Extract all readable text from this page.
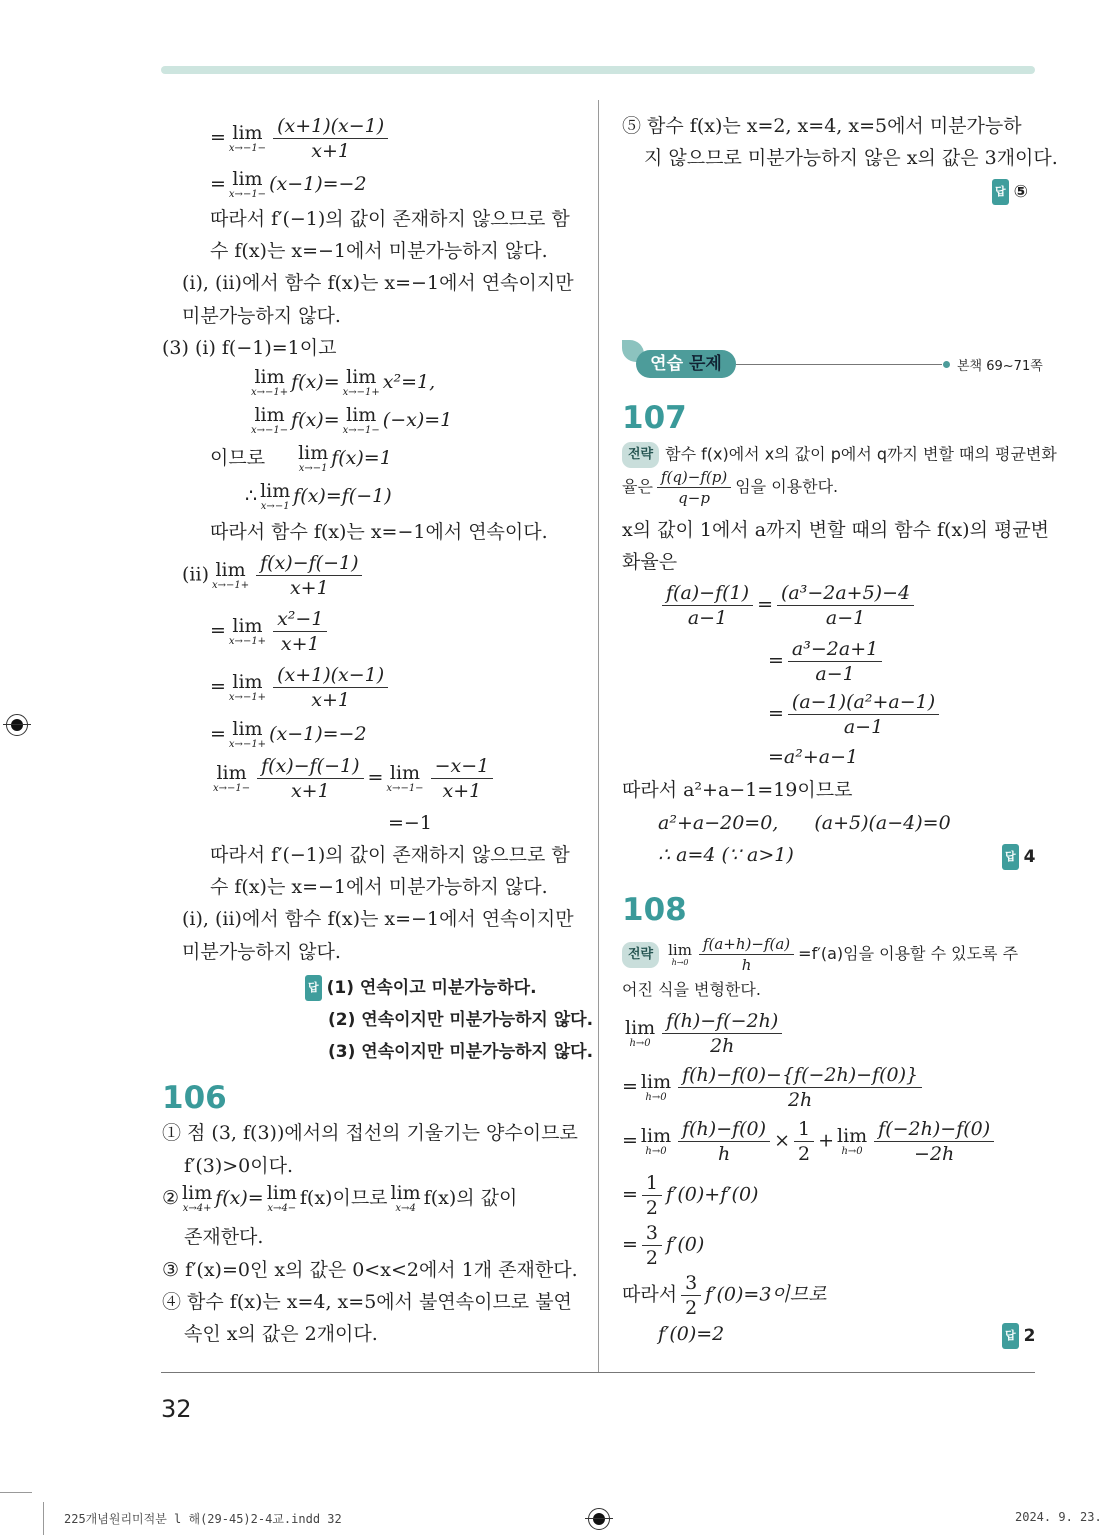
= lim
$x\to-1- \frac{(x+1)(x-1)}{x+1}$
= lim
x→−1− (x−1)=−2
따라서 f′(−1)의 값이 존재하지 않으므로 함
수 f(x)는 x=−1에서 미분가능하지 않다.
(i), (ii)에서 함수 f(x)는 x=−1에서 연속이지만
미분가능하지 않다.
(3) (i) f(−1)=1이고
lim
x→−1+ f(x)= lim
x→−1+ x²=1,
lim
x→−1− f(x)= lim
x→−1− (−x)=1
이므로 lim
x→−1 f(x)=1
∴ lim
x→−1 f(x)=f(−1)
따라서 함수 f(x)는 x=−1에서 연속이다.
(ii) lim
$x\to-1+ \frac{f(x)-f(-1)}{x+1}$
= lim
$x\to-1+ \frac{\text{x²−1}}{x+1}$
= lim
$x\to-1+ \frac{(x+1)(x-1)}{x+1}$
= lim
x→−1+ (x−1)=−2
lim
$x\to-1- \frac{f(x)-f(-1)}{x+1} = \lim$
$x\to-1- \frac{-x-1}{x+1}$
=−1
따라서 f′(−1)의 값이 존재하지 않으므로 함
수 f(x)는 x=−1에서 미분가능하지 않다.
(i), (ii)에서 함수 f(x)는 x=−1에서 연속이지만
미분가능하지 않다.
답 (1) 연속이고 미분가능하다.
(2) 연속이지만 미분가능하지 않다.
(3) 연속이지만 미분가능하지 않다.
106
① 점 (3, f(3))에서의 접선의 기울기는 양수이므로
f′(3)>0이다.
② lim
x→4+ f(x)= lim
x→4− f(x)이므로 lim
x→4 f(x)의 값이
존재한다.
③ f′(x)=0인 x의 값은 0<x<2에서 1개 존재한다.
④ 함수 f(x)는 x=4, x=5에서 불연속이므로 불연
속인 x의 값은 2개이다.
⑤ 함수 f(x)는 x=2, x=4, x=5에서 미분가능하
지 않으므로 미분가능하지 않은 x의 값은 3개이다.
답 ⑤
연습 문제	본책 69~71쪽
107
전략 함수 f(x)에서 x의 값이 p에서 q까지 변할 때의 평균변화
율은 $\frac{f(q)-f(p)}{q-p}$ 임을 이용한다.
x의 값이 1에서 a까지 변할 때의 함수 f(x)의 평균변
화율은
$\frac{f(a)-f(1)}{a-1} = \frac{\text{(a³−2a+5)−4}}{a-1}$
= $\frac{\text{a³−2a+1}}{a-1}$
= $\frac{\text{(a−1)(a²+a−1)}}{a-1}$
=a²+a−1
따라서 a²+a−1=19이므로
a²+a−20=0, (a+5)(a−4)=0
∴ a=4 (∵ a>1)	답 4
108
전략 lim
$h\to 0 \frac{f(a+h)-f(a)}{h} =f'(a)$임을 이용할 수 있도록 주
어진 식을 변형한다.
lim
$h\to 0 \frac{f(h)-f(-2h)}{2h}$
= lim
$h\to 0 \frac{f(h)-f(0)-\{f(-2h)-f(0)\}}{2h}$
= lim
$h\to 0 \frac{f(h)-f(0)}{h} \times \frac{1}{2} + \lim$
$h\to 0 \frac{f(-2h)-f(0)}{-2h}$
= $\frac{1}{2} f'(0)+f'(0)$
= $\frac{3}{2} f'(0)$
따라서 $\frac{3}{2} f'(0)=3$이므로
f′(0)=2	답 2
32
225개념원리미적분 l 해(29-45)2-4교.indd 32	2024. 9. 23.
